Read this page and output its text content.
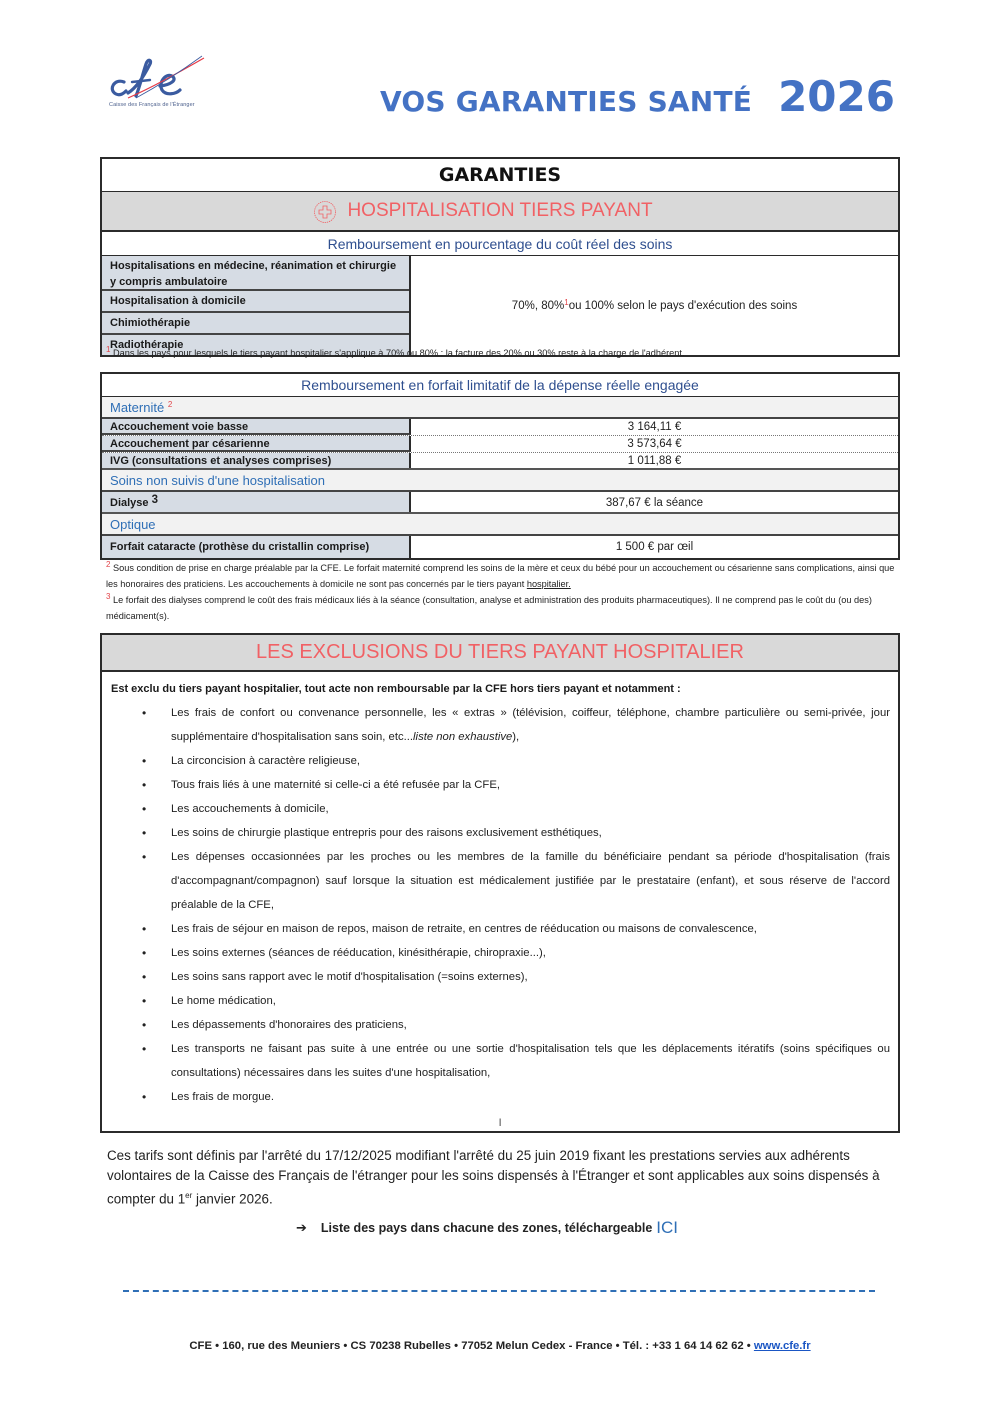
Caisse des Français de l'Étranger	VOS GARANTIES SANTÉ 2026
GARANTIES
HOSPITALISATION TIERS PAYANT
Remboursement en pourcentage du coût réel des soins
Hospitalisations en médecine, réanimation et chirurgie y compris ambulatoire
Hospitalisation à domicile
Chimiothérapie
Radiothérapie
70%, 80% $^1$ ou 100% selon le pays d'exécution des soins
$^1$ Dans les pays pour lesquels le tiers payant hospitalier s'applique à 70% ou 80% : la facture des 20% ou 30% reste à la charge de l'adhérent.
Remboursement en forfait limitatif de la dépense réelle engagée
Maternité $^2$
Accouchement voie basse	3 164,11 €
Accouchement par césarienne	3 573,64 €
IVG (consultations et analyses comprises)	1 011,88 €
Soins non suivis d'une hospitalisation
Dialyse $^3$	387,67 € la séance
Optique
Forfait cataracte (prothèse du cristallin comprise)	1 500 € par œil
$^2$ Sous condition de prise en charge préalable par la CFE. Le forfait maternité comprend les soins de la mère et ceux du bébé pour un accouchement ou césarienne sans complications, ainsi que les honoraires des praticiens. Les accouchements à domicile ne sont pas concernés par le tiers payant hospitalier.
$^3$ Le forfait des dialyses comprend le coût des frais médicaux liés à la séance (consultation, analyse et administration des produits pharmaceutiques). Il ne comprend pas le coût du (ou des) médicament(s).
LES EXCLUSIONS DU TIERS PAYANT HOSPITALIER
Est exclu du tiers payant hospitalier, tout acte non remboursable par la CFE hors tiers payant et notamment :
• Les frais de confort ou convenance personnelle, les « extras » (télévision, coiffeur, téléphone, chambre particulière ou semi-privée, jour supplémentaire d'hospitalisation sans soin, etc...liste non exhaustive),
• La circoncision à caractère religieuse,
• Tous frais liés à une maternité si celle-ci a été refusée par la CFE,
• Les accouchements à domicile,
• Les soins de chirurgie plastique entrepris pour des raisons exclusivement esthétiques,
• Les dépenses occasionnées par les proches ou les membres de la famille du bénéficiaire pendant sa période d'hospitalisation (frais d'accompagnant/compagnon) sauf lorsque la situation est médicalement justifiée par le prestataire (enfant), et sous réserve de l'accord préalable de la CFE,
• Les frais de séjour en maison de repos, maison de retraite, en centres de rééducation ou maisons de convalescence,
• Les soins externes (séances de rééducation, kinésithérapie, chiropraxie...),
• Les soins sans rapport avec le motif d'hospitalisation (=soins externes),
• Le home médication,
• Les dépassements d'honoraires des praticiens,
• Les transports ne faisant pas suite à une entrée ou une sortie d'hospitalisation tels que les déplacements itératifs (soins spécifiques ou consultations) nécessaires dans les suites d'une hospitalisation,
• Les frais de morgue.
l
Ces tarifs sont définis par l'arrêté du 17/12/2025 modifiant l'arrêté du 25 juin 2019 fixant les prestations servies aux adhérents volontaires de la Caisse des Français de l'étranger pour les soins dispensés à l'Étranger et sont applicables aux soins dispensés à compter du 1er janvier 2026.
➔ Liste des pays dans chacune des zones, téléchargeable ICI
CFE • 160, rue des Meuniers • CS 70238 Rubelles • 77052 Melun Cedex - France • Tél. : +33 1 64 14 62 62 • www.cfe.fr
